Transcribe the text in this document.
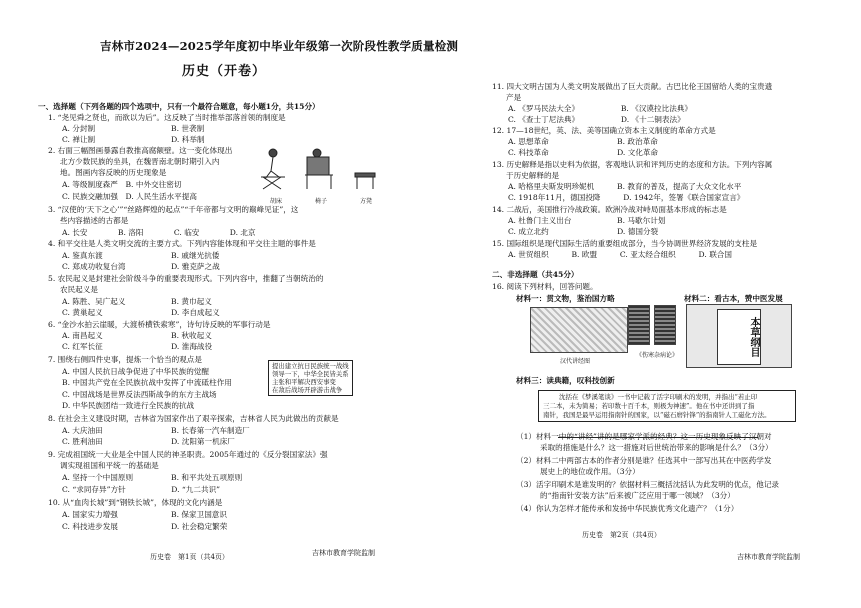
吉林市2024—2025学年度初中毕业年级第一次阶段性教学质量检测
历史（开卷）
一、选择题（下列各题的四个选项中，只有一个最符合题意，每小题1分，共15分）
1. “尧见舜之贤也，而欲以为后”。这反映了当时推举部落首领的制度是
A. 分封制　　　　　　　　　　B. 世袭制
C. 禅让制　　　　　　　　　　D. 科举制
2. 右面三幅图画暴露自教推高腐额壁。这一变化体现出
北方少数民族的坐具，在魏晋南北朝时期引入内
地。图画内容反映的历史现象是
A. 等级制度森严　B. 中外交往密切
C. 民族交融加强　D. 人民生活水平提高
胡床	椅子	方凳
3. “汉使的‘天下之心’”“丝路辉煌的起点”“千年帝都与文明的巅峰见证”，这
些内容描述的古都是
A. 长安　　　　B. 洛阳　　　　C. 临安　　　　D. 北京
4. 和平交往是人类文明交流的主要方式。下列内容能体现和平交往主题的事件是
A. 鉴真东渡　　　　　　　　　B. 戚继光抗倭
C. 郑成功收复台湾　　　　　　D. 雅克萨之战
5. 农民起义是封建社会阶级斗争的重要表现形式。下列内容中，推翻了当朝统治的
农民起义是
A. 陈胜、吴广起义　　　　　　B. 黄巾起义
C. 黄巢起义　　　　　　　　　D. 李自成起义
6. “金沙水拍云崖暖，大渡桥横铁索寒”，诗句诗反映的军事行动是
A. 南昌起义　　　　　　　　　B. 秋收起义
C. 红军长征　　　　　　　　　D. 淮海战役
7. 围绕右侧四件史事，提炼一个恰当的观点是
A. 中国人民抗日战争促进了中华民族的觉醒
B. 中国共产党在全民族抗战中发挥了中流砥柱作用
C. 中国战场是世界反法西斯战争的东方主战场
D. 中华民族团结一致进行全民族的抗战
提出建立抗日民族统一战线
领导一下，中华全民皆关系
主张和平解决西安事变
在敌后战场开辟游击战争
8. 在社会主义建设时期，吉林省为国家作出了艰辛探索，吉林省人民为此做出的贡献是
A. 大庆油田　　　　　　　　　B. 长春第一汽车制造厂
C. 胜利油田　　　　　　　　　D. 沈阳第一机床厂
9. 完成祖国统一大业是全中国人民的神圣职责。2005年通过的《反分裂国家法》强
调实现祖国和平统一的基础是
A. 坚持一个中国原则　　　　　B. 和平共处五项原则
C. “求同存异”方针　　　　　　D. “九二共识”
10. 从“血肉长城”到“钢铁长城”，体现的文化内涵是
A. 国家实力增强　　　　　　　B. 保家卫国意识
C. 科技进步发展　　　　　　　D. 社会稳定繁荣
历史卷　第1页（共4页）	吉林市教育学院监制
11. 四大文明古国为人类文明发展做出了巨大贡献。古巴比伦王国留给人类的宝贵遗
产是
A. 《罗马民法大全》　　　　　　B. 《汉谟拉比法典》
C. 《查士丁尼法典》　　　　　　D. 《十二铜表法》
12. 17—18世纪，英、法、美等国确立资本主义制度的革命方式是
A. 思想革命　　　　　　　　　B. 政治革命
C. 科技革命　　　　　　　　　D. 文化革命
13. 历史解释是指以史料为依据，客观地认识和评判历史的态度和方法。下列内容属
于历史解释的是
A. 哈格里夫斯发明珍妮机　　　B. 教育的普及，提高了大众文化水平
C. 1918年11月，德国投降　　　D. 1942年，签署《联合国家宣言》
14. 二战后，美国推行冷战政策。欧洲冷战对峙局面基本形成的标志是
A. 杜鲁门主义出台　　　　　　B. 马歇尔计划
C. 成立北约　　　　　　　　　D. 德国分裂
15. 国际组织是现代国际生活的重要组成部分，当今协调世界经济发展的支柱是
A. 世贸组织　　　B. 欧盟　　　C. 亚太经合组织　　　D. 联合国
二、非选择题（共45分）
16. 阅读下列材料，回答问题。
材料一：贯文物，鉴治国方略	材料二：看古本，赞中医发展
汉代讲经图
《伤寒杂病论》	本草纲目
材料三：读典籍，叹科技创新
沈括在《梦溪笔谈》一书中记载了活字印刷术的发明，并指出“若止印
三二本，未为简易；若印数十百千本，则极为神速”。他在书中还讲到了指
南针，我国是最早运用指南针的国家，以“磁石磨针锋”的指南针人工磁化方法。
（1）材料一中的“讲经”讲的是哪家学派的经典？这一历史现象反映了汉朝对
采取的措施是什么？这一措施对后世统治带来的影响是什么？（3分）
（2）材料二中两部古本的作者分别是谁？任选其中一部写出其在中医药学发
展史上的地位或作用。（3分）
（3）活字印刷术是谁发明的？依据材料三概括沈括认为此发明的优点，他记录
的“指南针安装方法”后来被广泛应用于哪一领域？（3分）
（4）你认为怎样才能传承和发扬中华民族优秀文化遗产？（1分）
历史卷　第2页（共4页）
吉林市教育学院监制
